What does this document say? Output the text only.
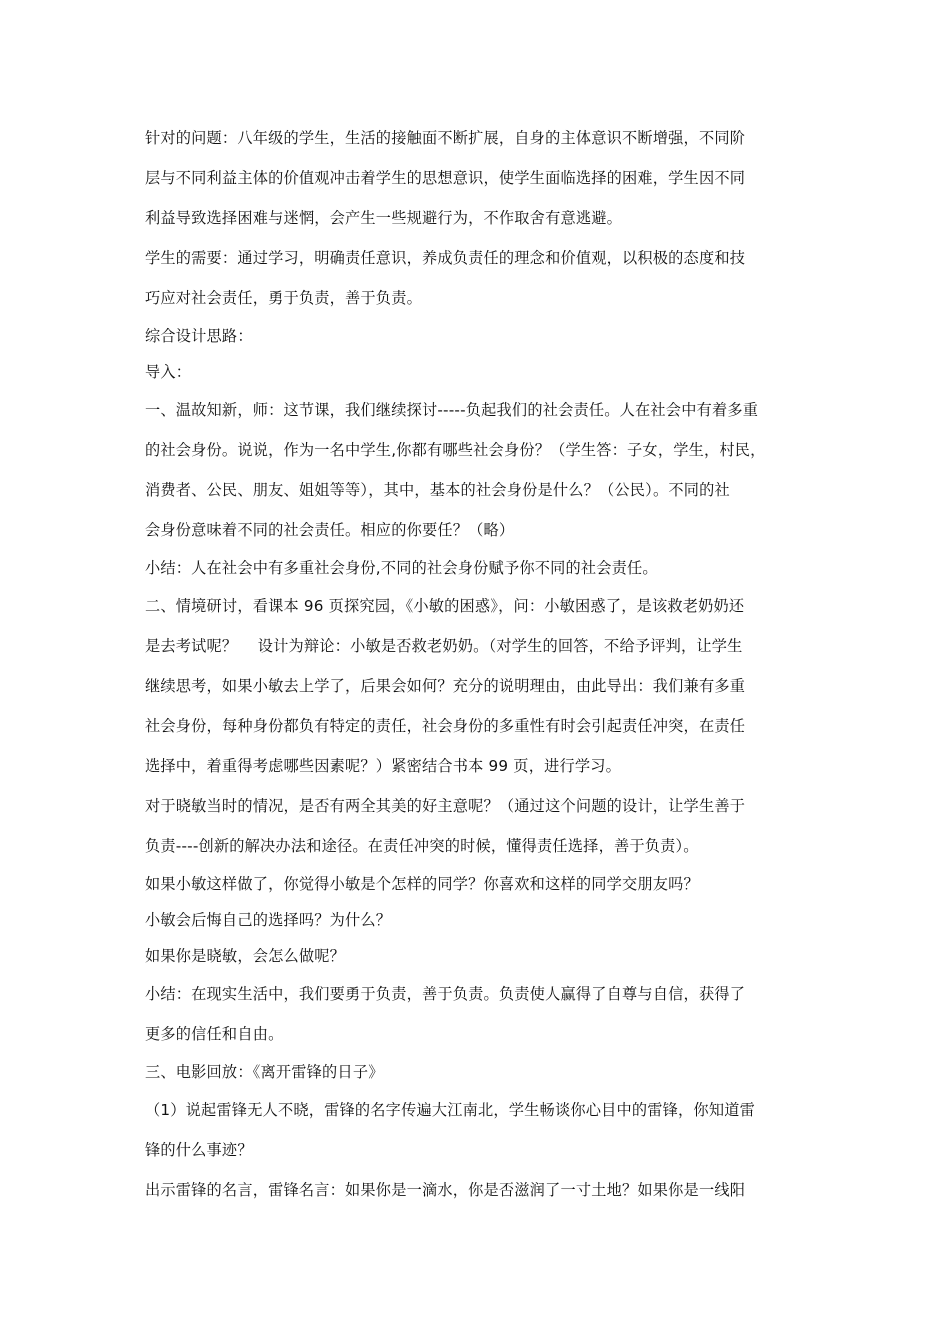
针对的问题：八年级的学生，生活的接触面不断扩展，自身的主体意识不断增强，不同阶
层与不同利益主体的价值观冲击着学生的思想意识，使学生面临选择的困难，学生因不同
利益导致选择困难与迷惘，会产生一些规避行为，不作取舍有意逃避。
学生的需要：通过学习，明确责任意识，养成负责任的理念和价值观，以积极的态度和技
巧应对社会责任，勇于负责，善于负责。
综合设计思路：
导入：
一、温故知新，师：这节课，我们继续探讨-----负起我们的社会责任。人在社会中有着多重
的社会身份。说说，作为一名中学生,你都有哪些社会身份？（学生答：子女，学生，村民，
消费者、公民、朋友、姐姐等等），其中，基本的社会身份是什么？（公民）。不同的社
会身份意味着不同的社会责任。相应的你要任？（略）
小结：人在社会中有多重社会身份,不同的社会身份赋予你不同的社会责任。
二、情境研讨，看课本 96 页探究园，《小敏的困惑》，问：小敏困惑了，是该救老奶奶还
是去考试呢？　 设计为辩论：小敏是否救老奶奶。（对学生的回答，不给予评判，让学生
继续思考，如果小敏去上学了，后果会如何？充分的说明理由，由此导出：我们兼有多重
社会身份，每种身份都负有特定的责任，社会身份的多重性有时会引起责任冲突，在责任
选择中，着重得考虑哪些因素呢？）紧密结合书本 99 页，进行学习。
对于晓敏当时的情况，是否有两全其美的好主意呢？（通过这个问题的设计，让学生善于
负责----创新的解决办法和途径。在责任冲突的时候，懂得责任选择，善于负责）。
如果小敏这样做了，你觉得小敏是个怎样的同学？你喜欢和这样的同学交朋友吗？
小敏会后悔自己的选择吗？为什么？
如果你是晓敏，会怎么做呢？
小结：在现实生活中，我们要勇于负责，善于负责。负责使人赢得了自尊与自信，获得了
更多的信任和自由。
三、电影回放：《离开雷锋的日子》
（1）说起雷锋无人不晓，雷锋的名字传遍大江南北，学生畅谈你心目中的雷锋，你知道雷
锋的什么事迹？
出示雷锋的名言，雷锋名言：如果你是一滴水，你是否滋润了一寸土地？如果你是一线阳
